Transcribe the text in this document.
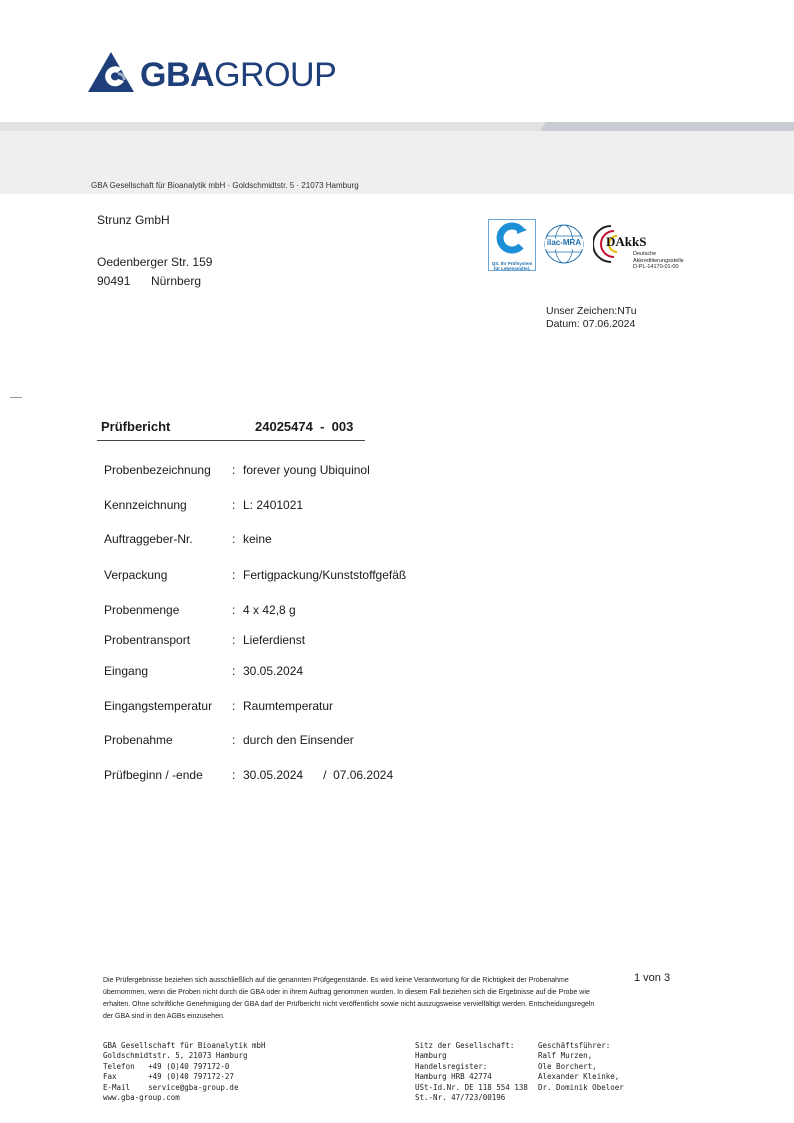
GBAGROUP
GBA Gesellschaft für Bioanalytik mbH · Goldschmidtstr. 5 · 21073 Hamburg
Strunz GmbH
Oedenberger Str. 159
90491 Nürnberg
QS. Ihr Prüfsystem
für Lebensmittel.
ilac-MRA DAkkS
Deutsche
Akkreditierungsstelle
D-PL-14170-01-00
Unser Zeichen:NTu
Datum: 07.06.2024
Prüfbericht	24025474  -  003
Probenbezeichnung : forever young Ubiquinol
Kennzeichnung	: L: 2401021
Auftraggeber-Nr.	: keine
Verpackung	: Fertigpackung/Kunststoffgefäß
Probenmenge	: 4 x 42,8 g
Probentransport	: Lieferdienst
Eingang	: 30.05.2024
Eingangstemperatur : Raumtemperatur
Probenahme	: durch den Einsender
Prüfbeginn / -ende : 30.05.2024      /  07.06.2024
Die Prüfergebnisse beziehen sich ausschließlich auf die genannten Prüfgegenstände. Es wird keine Verantwortung für die Richtigkeit der Probenahme übernommen, wenn die Proben nicht durch die GBA oder in ihrem Auftrag genommen wurden. In diesem Fall beziehen sich die Ergebnisse auf die Probe wie erhalten. Ohne schriftliche Genehmigung der GBA darf der Prüfbericht nicht veröffentlicht sowie nicht auszugsweise vervielfältigt werden. Entscheidungsregeln der GBA sind in den AGBs einzusehen.
1 von 3
GBA Gesellschaft für Bioanalytik mbH
Goldschmidtstr. 5, 21073 Hamburg
Telefon   +49 (0)40 797172-0
Fax       +49 (0)40 797172-27
E-Mail    service@gba-group.de
www.gba-group.com
Sitz der Gesellschaft:
Hamburg
Handelsregister:
Hamburg HRB 42774
USt-Id.Nr. DE 118 554 138
St.-Nr. 47/723/00196
Geschäftsführer:
Ralf Murzen,
Ole Borchert,
Alexander Kleinke,
Dr. Dominik Obeloer
